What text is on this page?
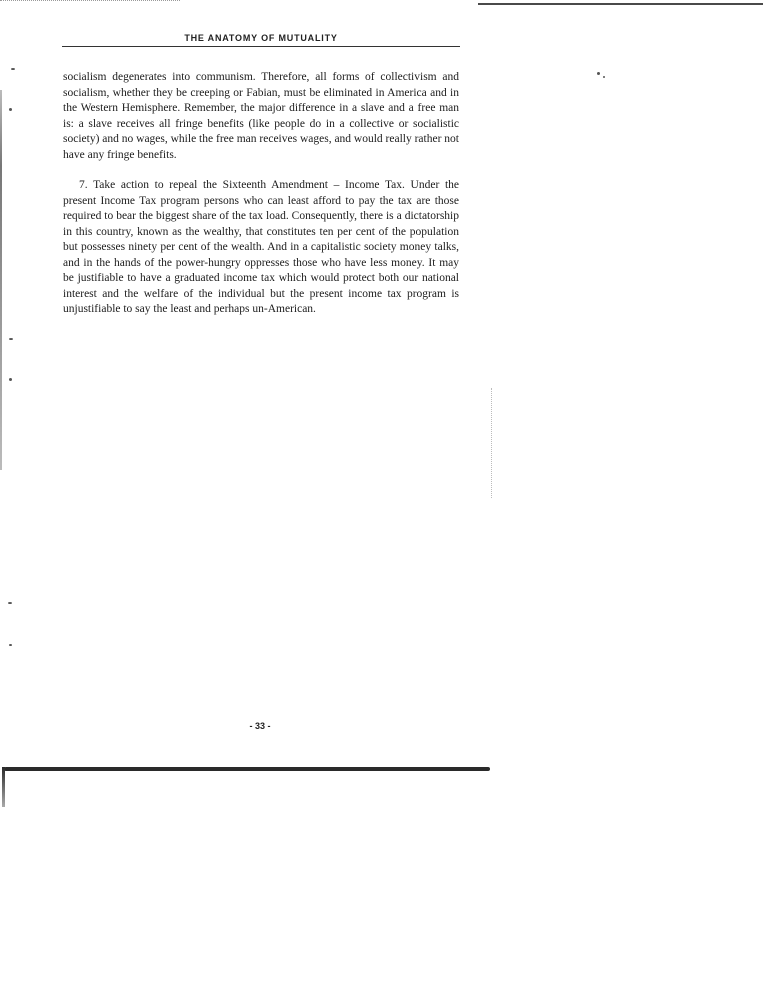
THE ANATOMY OF MUTUALITY

socialism degenerates into communism. Therefore, all forms of collectivism and socialism, whether they be creeping or Fabian, must be eliminated in America and in the Western Hemisphere. Remember, the major difference in a slave and a free man is: a slave receives all fringe benefits (like people do in a collective or socialistic society) and no wages, while the free man receives wages, and would really rather not have any fringe benefits.

7. Take action to repeal the Sixteenth Amendment – Income Tax. Under the present Income Tax program persons who can least afford to pay the tax are those required to bear the biggest share of the tax load. Consequently, there is a dictatorship in this country, known as the wealthy, that constitutes ten per cent of the population but possesses ninety per cent of the wealth. And in a capitalistic society money talks, and in the hands of the power-hungry oppresses those who have less money. It may be justifiable to have a graduated income tax which would protect both our national interest and the welfare of the individual but the present income tax program is unjustifiable to say the least and perhaps un-American.

- 33 -
